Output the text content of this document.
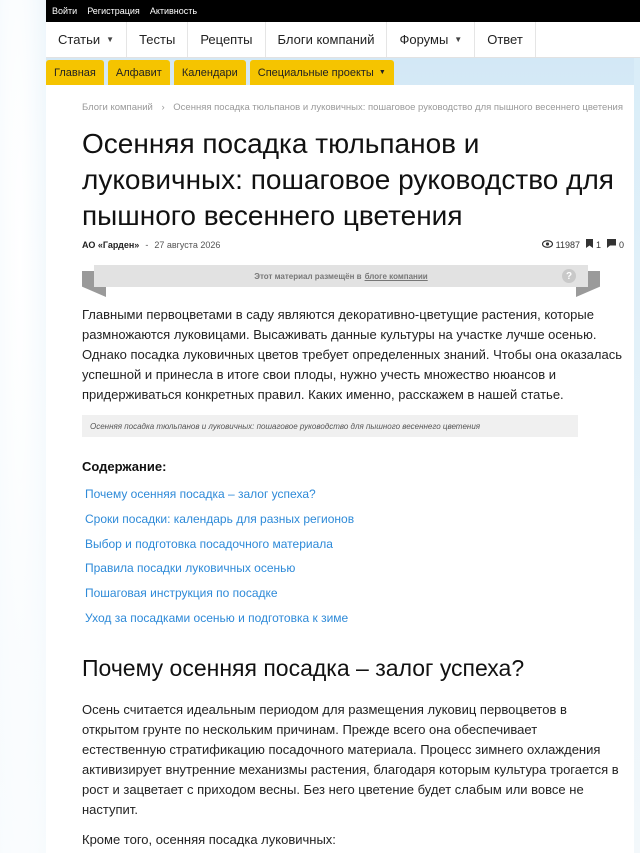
Войти Регистрация Активность
Статьи ▼ Тесты Рецепты Блоги компаний Форумы ▼ Ответ
Главная Алфавит Календари Специальные проекты ▼
Блоги компаний › Осенняя посадка тюльпанов и луковичных: пошаговое руководство для пышного весеннего цветения
Осенняя посадка тюльпанов и луковичных: пошаговое руководство для пышного весеннего цветения
АО «Гарден» - 27 августа 2026	11987 1 0
Этот материал размещён в блоге компании	?

Главными первоцветами в саду являются декоративно-цветущие растения, которые размножаются луковицами. Высаживать данные культуры на участке лучше осенью. Однако посадка луковичных цветов требует определенных знаний. Чтобы она оказалась успешной и принесла в итоге свои плоды, нужно учесть множество нюансов и придерживаться конкретных правил. Каких именно, расскажем в нашей статье.

Осенняя посадка тюльпанов и луковичных: пошаговое руководство для пышного весеннего цветения
Содержание:
Почему осенняя посадка – залог успеха?
Сроки посадки: календарь для разных регионов
Выбор и подготовка посадочного материала
Правила посадки луковичных осенью
Пошаговая инструкция по посадке
Уход за посадками осенью и подготовка к зиме
Почему осенняя посадка – залог успеха?

Осень считается идеальным периодом для размещения луковиц первоцветов в открытом грунте по нескольким причинам. Прежде всего она обеспечивает естественную стратификацию посадочного материала. Процесс зимнего охлаждения активизирует внутренние механизмы растения, благодаря которым культура трогается в рост и зацветает с приходом весны. Без него цветение будет слабым или вовсе не наступит.

Кроме того, осенняя посадка луковичных:
